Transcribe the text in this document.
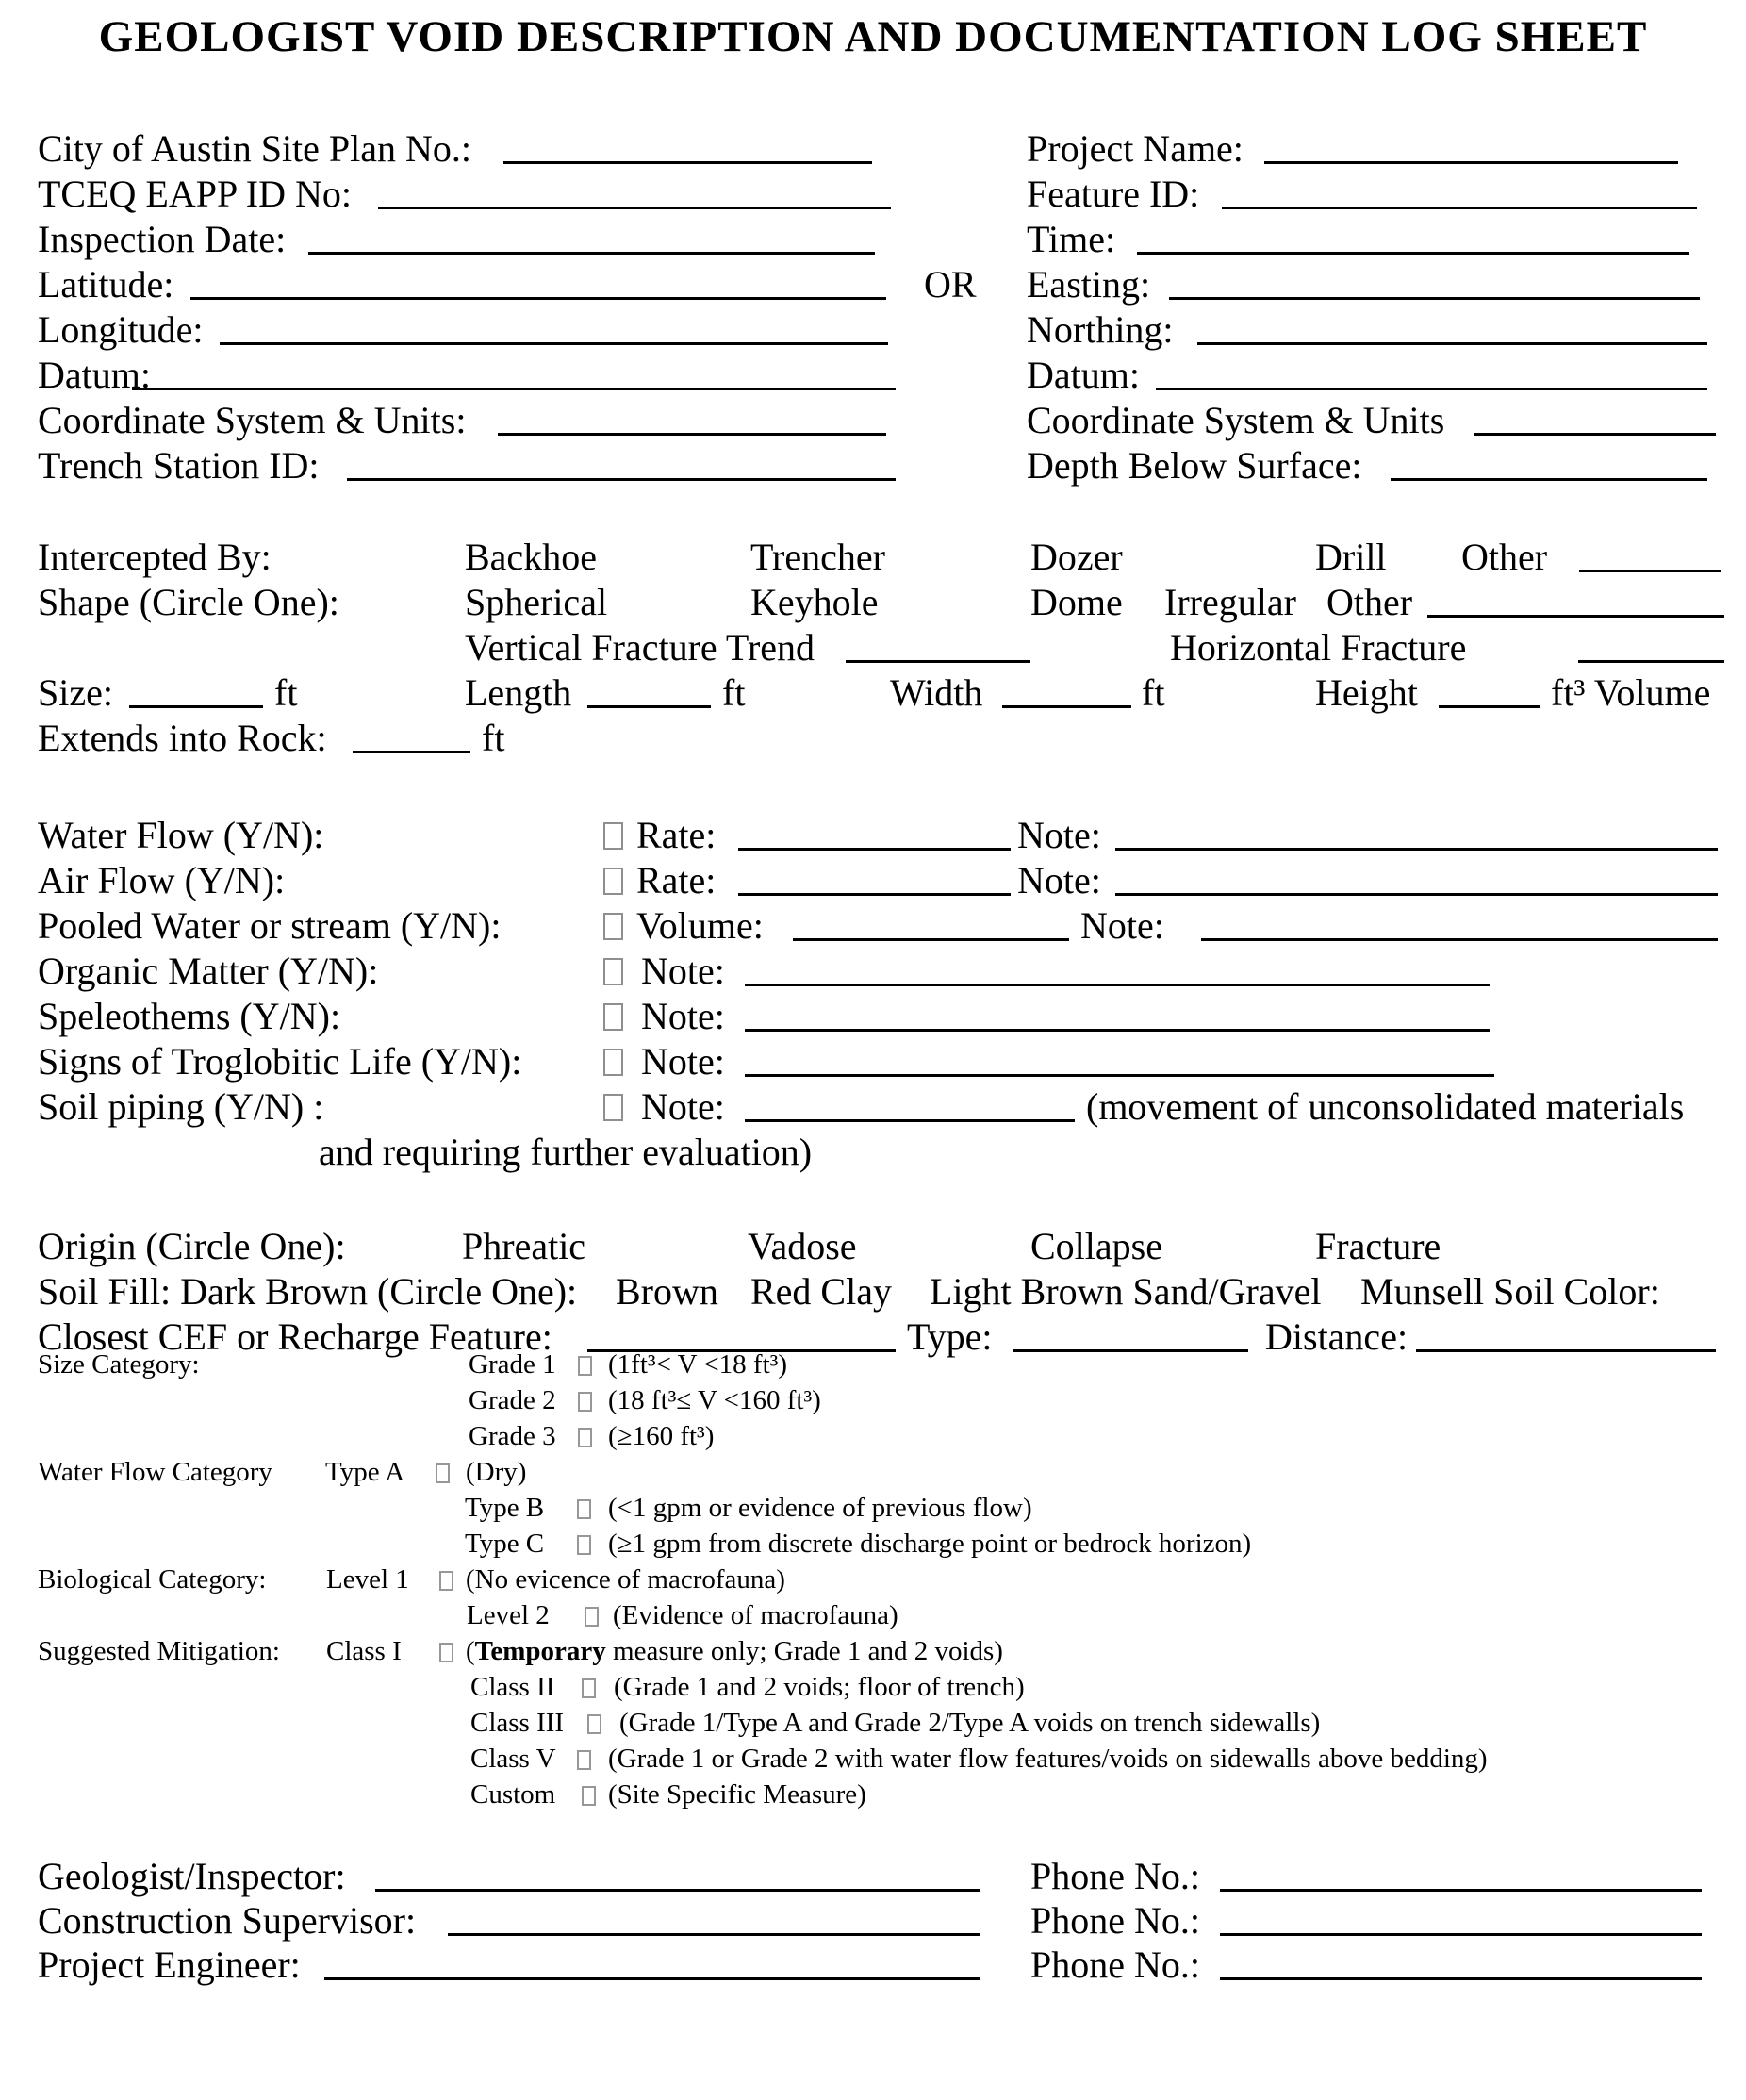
GEOLOGIST VOID DESCRIPTION AND DOCUMENTATION LOG SHEET
City of Austin Site Plan No.:	Project Name:
TCEQ EAPP ID No:	Feature ID:
Inspection Date:	Time:
Latitude:	OR Easting:
Longitude:	Northing:
Datum:	Datum:
Coordinate System & Units:	Coordinate System & Units
Trench Station ID:	Depth Below Surface:
Intercepted By:	Backhoe	Trencher	Dozer	Drill Other
Shape (Circle One):	Spherical	Keyhole	Dome Irregular Other
Vertical Fracture Trend	Horizontal Fracture
Size:	ft	Length	ft	Width	ft	Height	ft³ Volume
Extends into Rock:	ft
Water Flow (Y/N):	Rate:	Note:
Air Flow (Y/N):	Rate:	Note:
Pooled Water or stream (Y/N):	Volume:	Note:
Organic Matter (Y/N):	Note:
Speleothems (Y/N):	Note:
Signs of Troglobitic Life (Y/N):	Note:
Soil piping (Y/N) :	Note:	(movement of unconsolidated materials
and requiring further evaluation)
Origin (Circle One):	Phreatic	Vadose	Collapse	Fracture
Soil Fill: Dark Brown (Circle One): Brown Red Clay Light Brown Sand/Gravel Munsell Soil Color:
Closest CEF or Recharge Feature:	Type:	Distance:
Size Category:	Grade 1 (1ft³< V <18 ft³)
Grade 2 (18 ft³≤ V <160 ft³)
Grade 3 (≥160 ft³)
Water Flow Category Type A (Dry)
Type B (<1 gpm or evidence of previous flow)
Type C (≥1 gpm from discrete discharge point or bedrock horizon)
Biological Category: Level 1 (No evicence of macrofauna)
Level 2 (Evidence of macrofauna)
Suggested Mitigation: Class I (Temporary measure only; Grade 1 and 2 voids)
Class II (Grade 1 and 2 voids; floor of trench)
Class III (Grade 1/Type A and Grade 2/Type A voids on trench sidewalls)
Class V (Grade 1 or Grade 2 with water flow features/voids on sidewalls above bedding)
Custom (Site Specific Measure)
Geologist/Inspector:	Phone No.:
Construction Supervisor:	Phone No.:
Project Engineer:	Phone No.:
